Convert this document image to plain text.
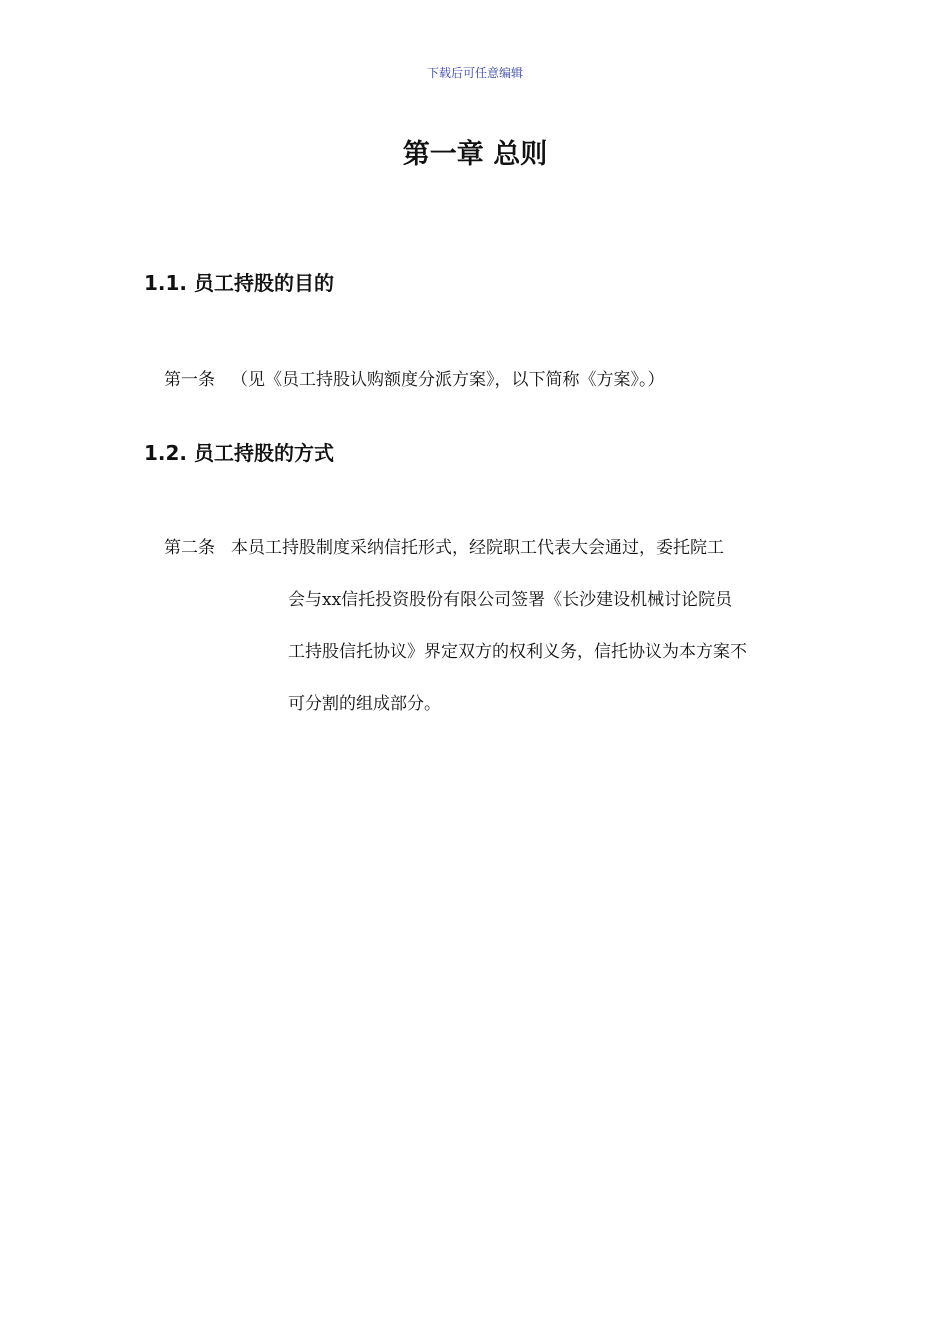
下载后可任意编辑
第一章 总则
1.1. 员工持股的目的
第一条 （见《员工持股认购额度分派方案》，以下简称《方案》。）
1.2. 员工持股的方式
第二条 本员工持股制度采纳信托形式，经院职工代表大会通过，委托院工
会与xx信托投资股份有限公司签署《长沙建设机械讨论院员
工持股信托协议》界定双方的权利义务，信托协议为本方案不
可分割的组成部分。
